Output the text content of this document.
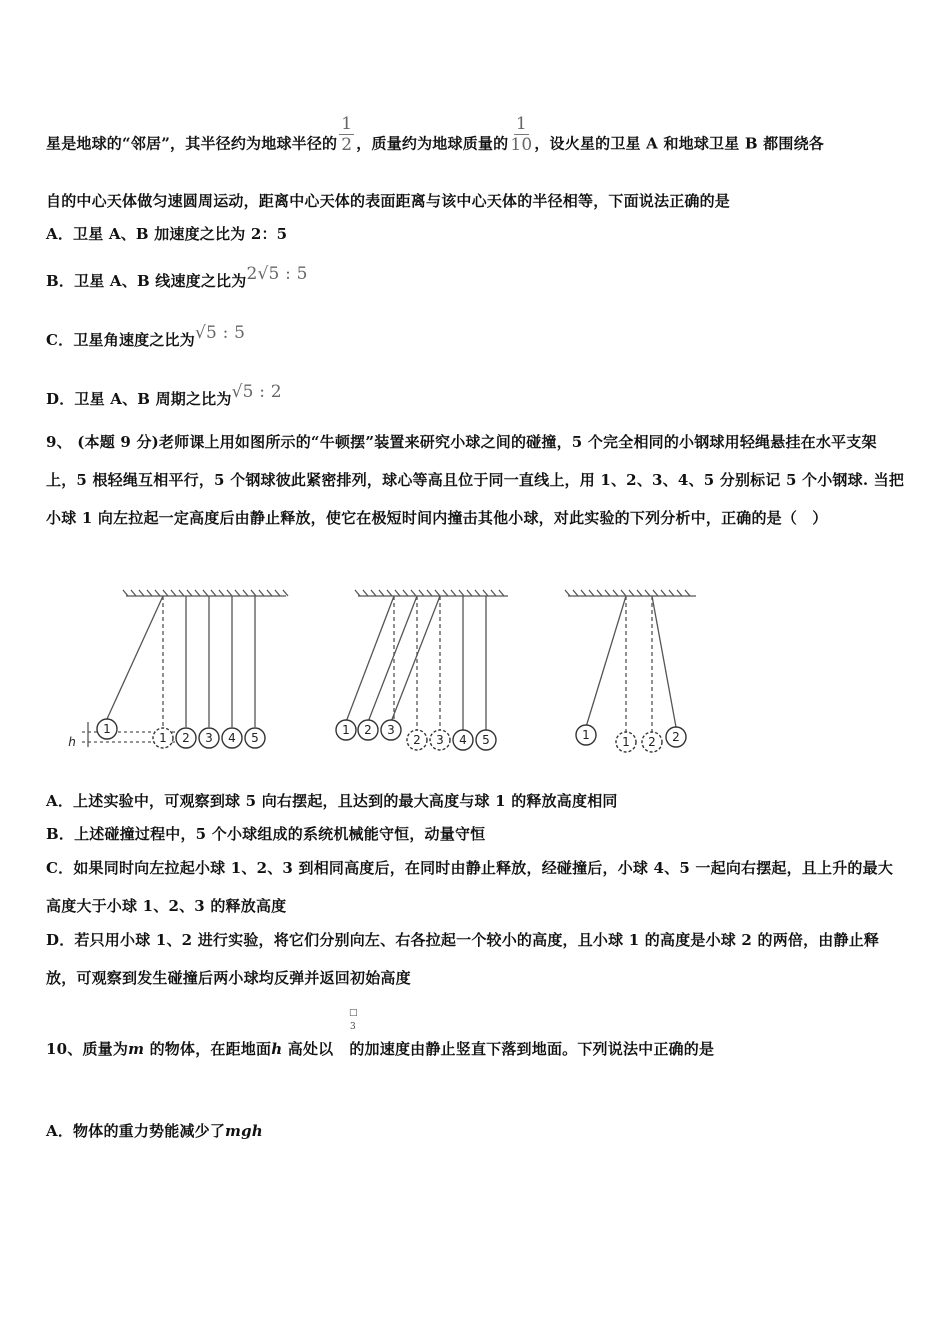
星是地球的“邻居”，其半径约为地球半径的 $\frac{1}{2}$ ，质量约为地球质量的 $\frac{1}{10}$ ，设火星的卫星 A 和地球卫星 B 都围绕各
自的中心天体做匀速圆周运动，距离中心天体的表面距离与该中心天体的半径相等，下面说法正确的是
A．卫星 A、B 加速度之比为 2：5
B．卫星 A、B 线速度之比为2√5 : 5
C．卫星角速度之比为√5 : 5
D．卫星 A、B 周期之比为√5 : 2
9、 (本题 9 分)老师课上用如图所示的“牛顿摆”装置来研究小球之间的碰撞，5 个完全相同的小钢球用轻绳悬挂在水平支架上，5 根轻绳互相平行，5 个钢球彼此紧密排列，球心等高且位于同一直线上，用 1、2、3、4、5 分别标记 5 个小钢球. 当把小球 1 向左拉起一定高度后由静止释放，使它在极短时间内撞击其他小球，对此实验的下列分析中，正确的是（　）
h
1
1 2 3 4 5
1 2 3
2 3 4 5	1	1 2 2
A．上述实验中，可观察到球 5 向右摆起，且达到的最大高度与球 1 的释放高度相同
B．上述碰撞过程中，5 个小球组成的系统机械能守恒，动量守恒
C．如果同时向左拉起小球 1、2、3 到相同高度后，在同时由静止释放，经碰撞后，小球 4、5 一起向右摆起，且上升的最大高度大于小球 1、2、3 的释放高度
D．若只用小球 1、2 进行实验，将它们分别向左、右各拉起一个较小的高度，且小球 1 的高度是小球 2 的两倍，由静止释放，可观察到发生碰撞后两小球均反弹并返回初始高度
□
3
10、质量为m 的物体，在距地面h 高处以 的加速度由静止竖直下落到地面。下列说法中正确的是
A．物体的重力势能减少了mgh
